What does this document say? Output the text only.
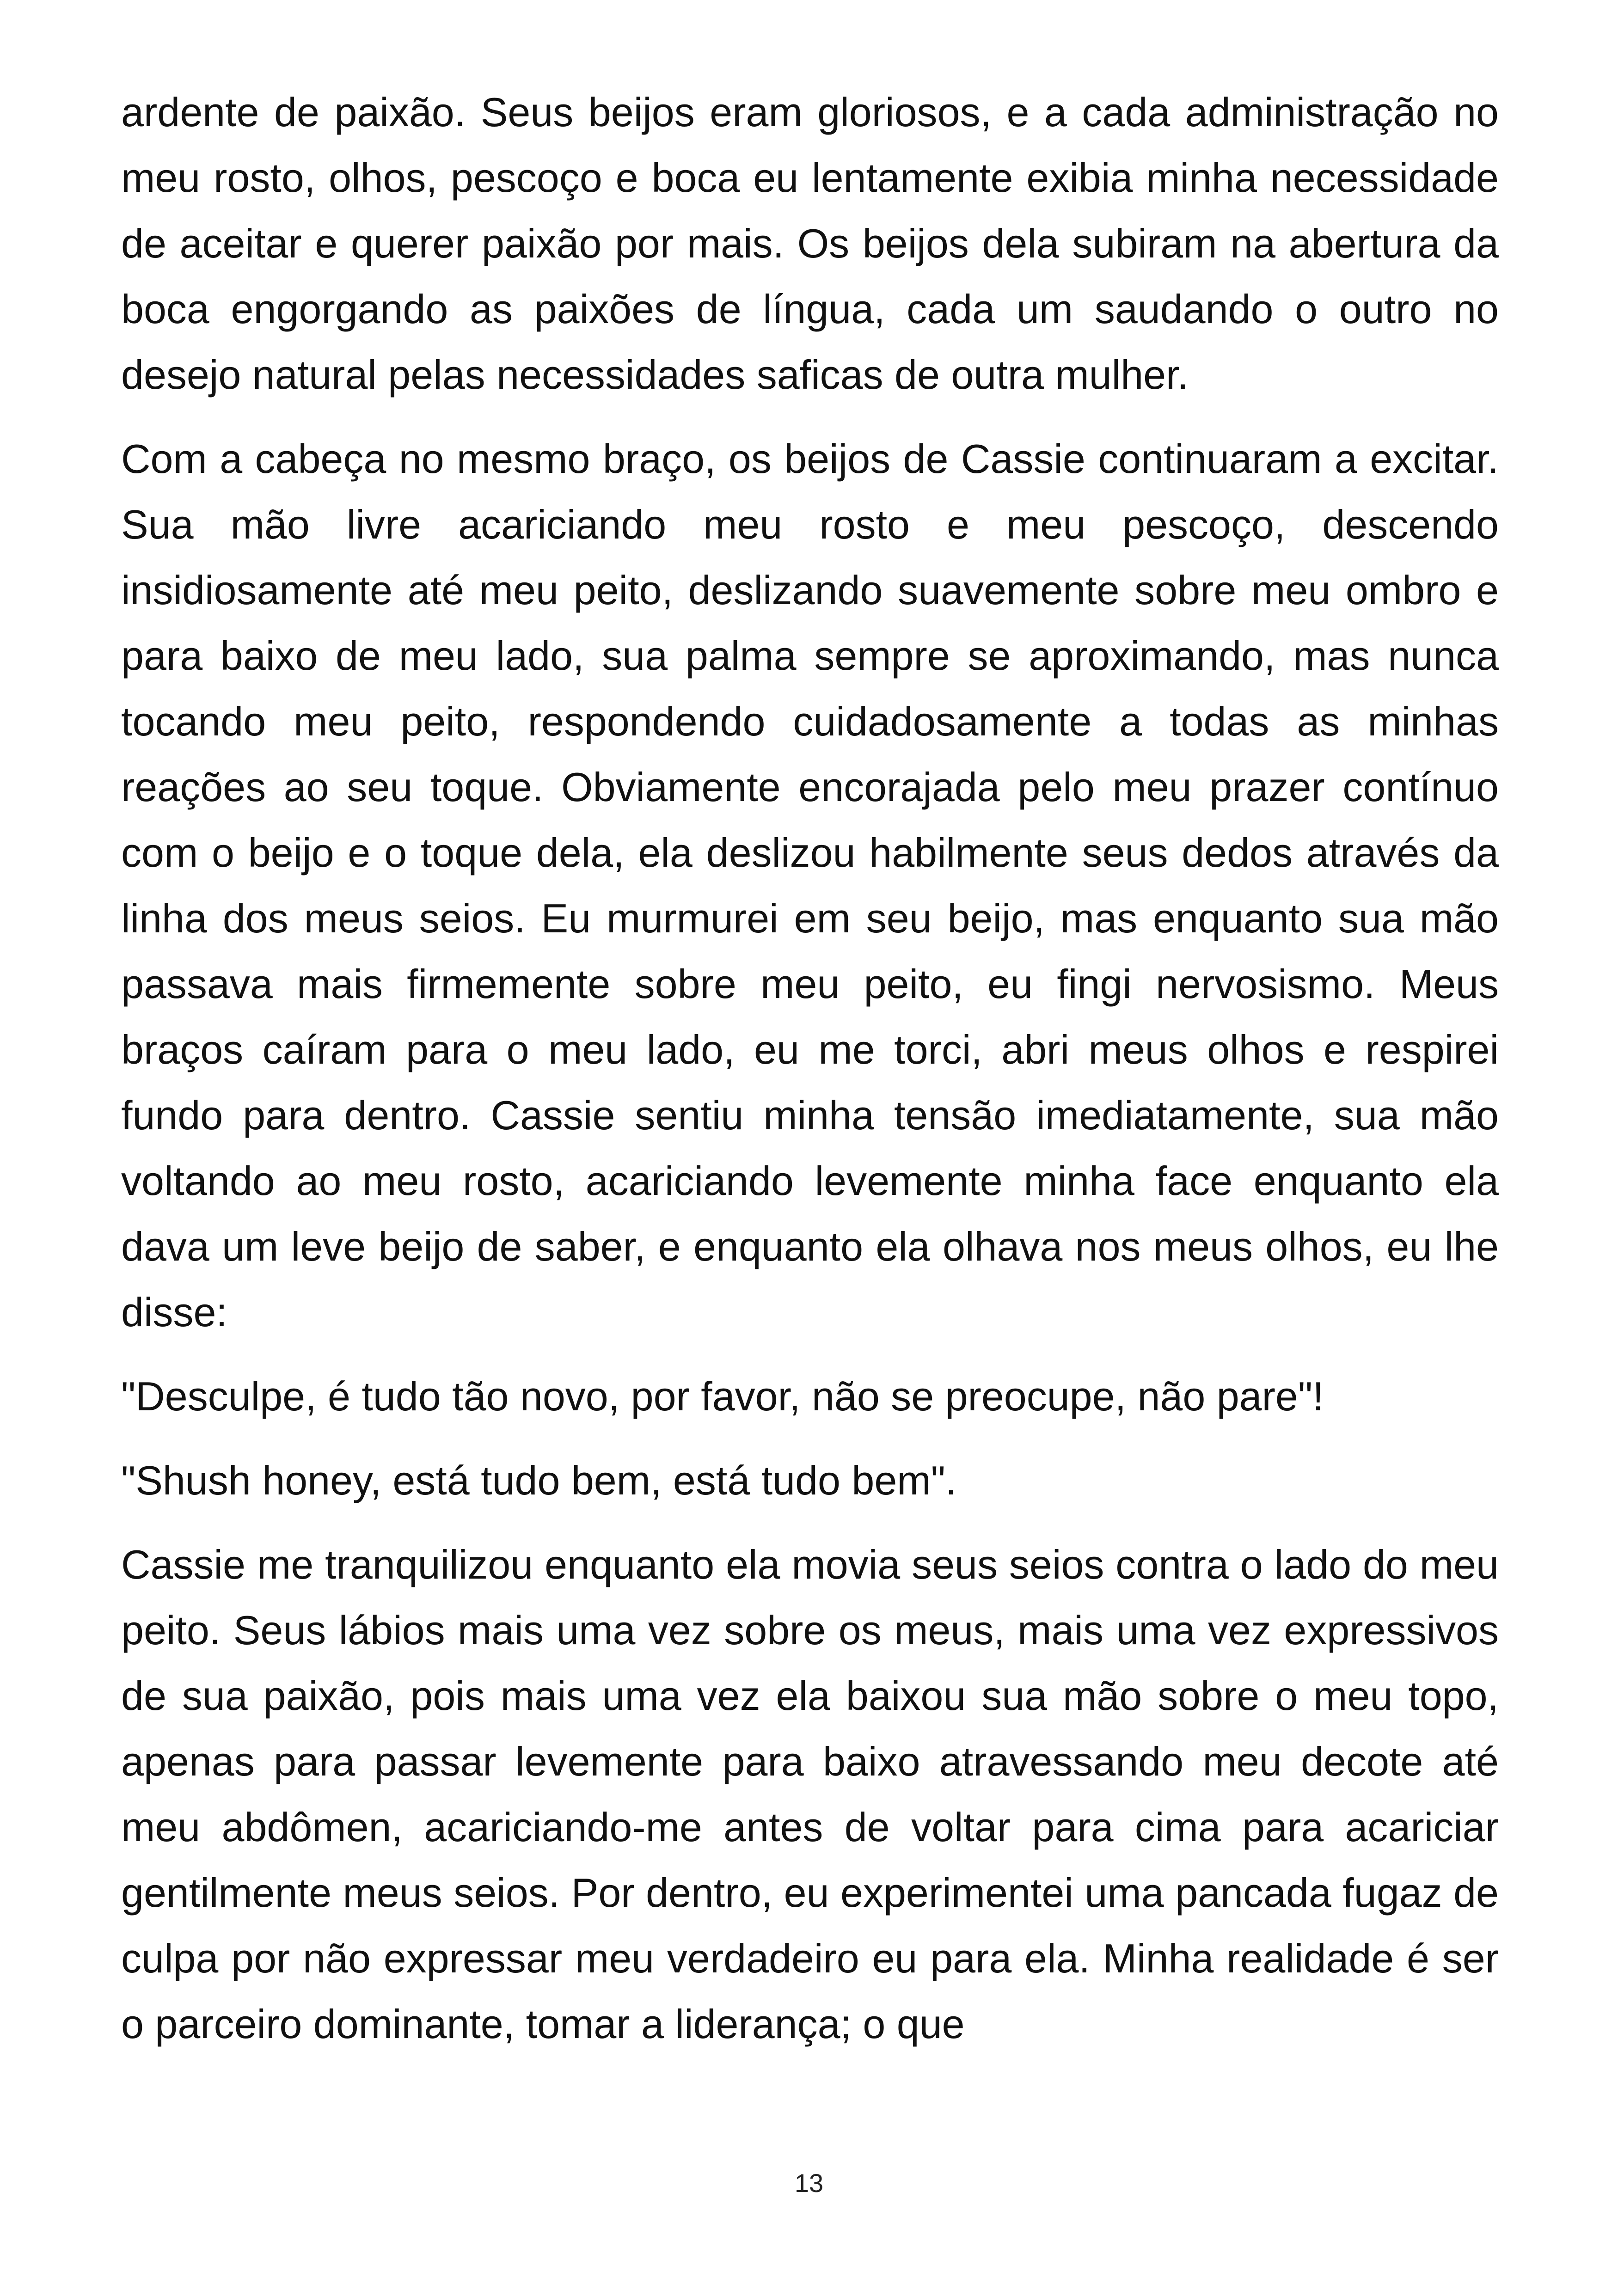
ardente de paixão. Seus beijos eram gloriosos, e a cada administração no meu rosto, olhos, pescoço e boca eu lentamente exibia minha necessidade de aceitar e querer paixão por mais. Os beijos dela subiram na abertura da boca engorgando as paixões de língua, cada um saudando o outro no desejo natural pelas necessidades saficas de outra mulher.

Com a cabeça no mesmo braço, os beijos de Cassie continuaram a excitar. Sua mão livre acariciando meu rosto e meu pescoço, descendo insidiosamente até meu peito, deslizando suavemente sobre meu ombro e para baixo de meu lado, sua palma sempre se aproximando, mas nunca tocando meu peito, respondendo cuidadosamente a todas as minhas reações ao seu toque. Obviamente encorajada pelo meu prazer contínuo com o beijo e o toque dela, ela deslizou habilmente seus dedos através da linha dos meus seios. Eu murmurei em seu beijo, mas enquanto sua mão passava mais firmemente sobre meu peito, eu fingi nervosismo. Meus braços caíram para o meu lado, eu me torci, abri meus olhos e respirei fundo para dentro. Cassie sentiu minha tensão imediatamente, sua mão voltando ao meu rosto, acariciando levemente minha face enquanto ela dava um leve beijo de saber, e enquanto ela olhava nos meus olhos, eu lhe disse:

"Desculpe, é tudo tão novo, por favor, não se preocupe, não pare"!

"Shush honey, está tudo bem, está tudo bem".

Cassie me tranquilizou enquanto ela movia seus seios contra o lado do meu peito. Seus lábios mais uma vez sobre os meus, mais uma vez expressivos de sua paixão, pois mais uma vez ela baixou sua mão sobre o meu topo, apenas para passar levemente para baixo atravessando meu decote até meu abdômen, acariciando-me antes de voltar para cima para acariciar gentilmente meus seios. Por dentro, eu experimentei uma pancada fugaz de culpa por não expressar meu verdadeiro eu para ela. Minha realidade é ser o parceiro dominante, tomar a liderança; o que

13
